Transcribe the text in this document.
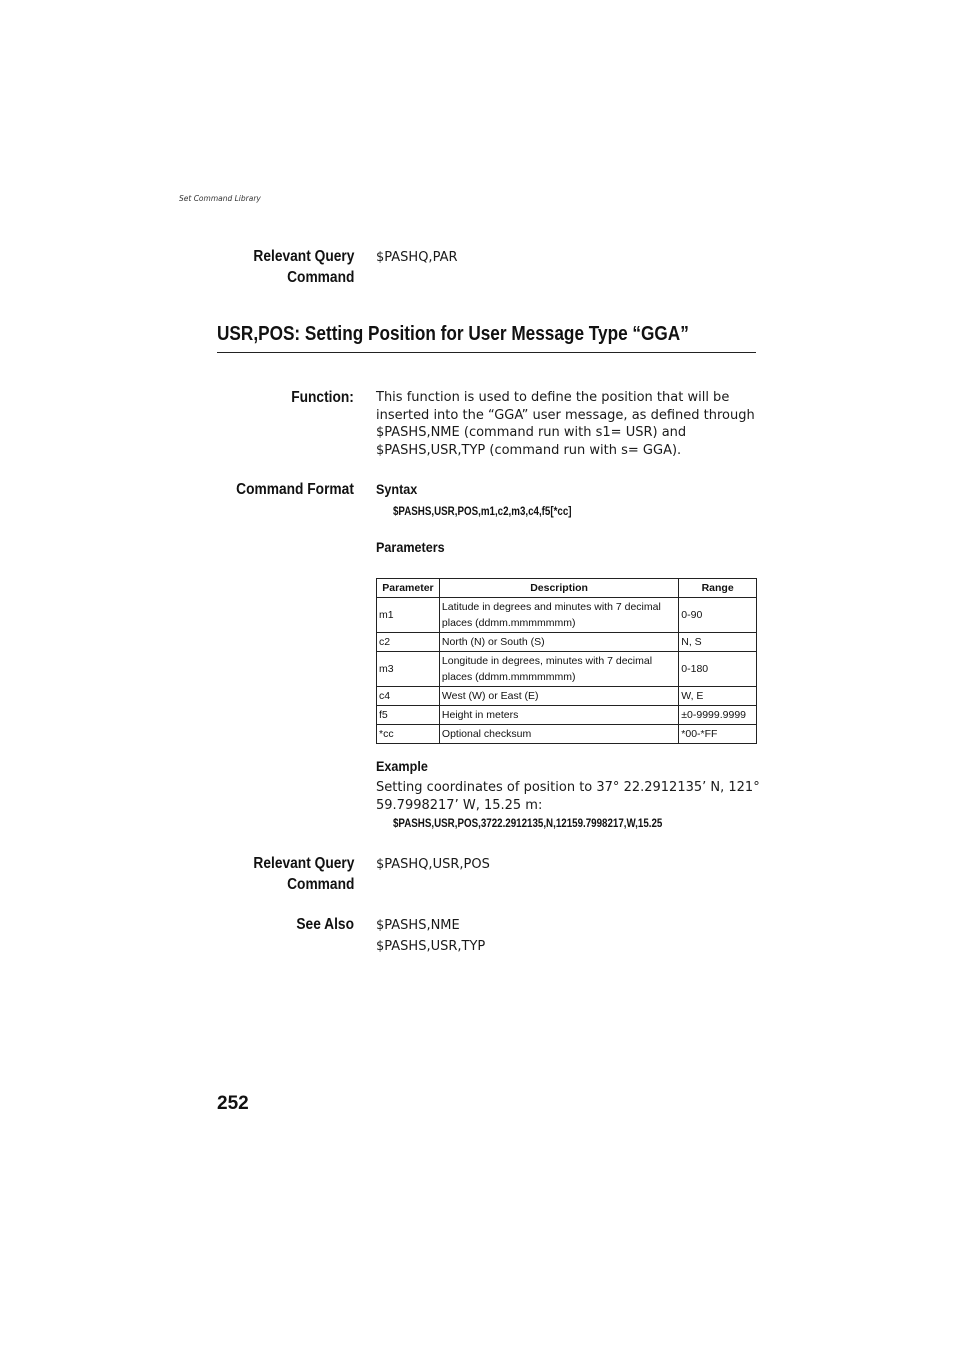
Set Command Library
Relevant Query
Command
$PASHQ,PAR
USR,POS: Setting Position for User Message Type “GGA”
Function: This function is used to define the position that will be
inserted into the “GGA” user message, as defined through
$PASHS,NME (command run with s1= USR) and
$PASHS,USR,TYP (command run with s= GGA).
Command Format Syntax
$PASHS,USR,POS,m1,c2,m3,c4,f5[*cc]
Parameters
Parameter	Description	Range
m1	Latitude in degrees and minutes with 7 decimal
places (ddmm.mmmmmmm)	0-90
c2	North (N) or South (S)	N, S
m3	Longitude in degrees, minutes with 7 decimal
places (ddmm.mmmmmmm)	0-180
c4	West (W) or East (E)	W, E
f5	Height in meters	±0-9999.9999
*cc	Optional checksum	*00-*FF
Example
Setting coordinates of position to 37° 22.2912135’ N, 121°
59.7998217’ W, 15.25 m:
$PASHS,USR,POS,3722.2912135,N,12159.7998217,W,15.25
Relevant Query
Command
$PASHQ,USR,POS
See Also $PASHS,NME
$PASHS,USR,TYP
252
